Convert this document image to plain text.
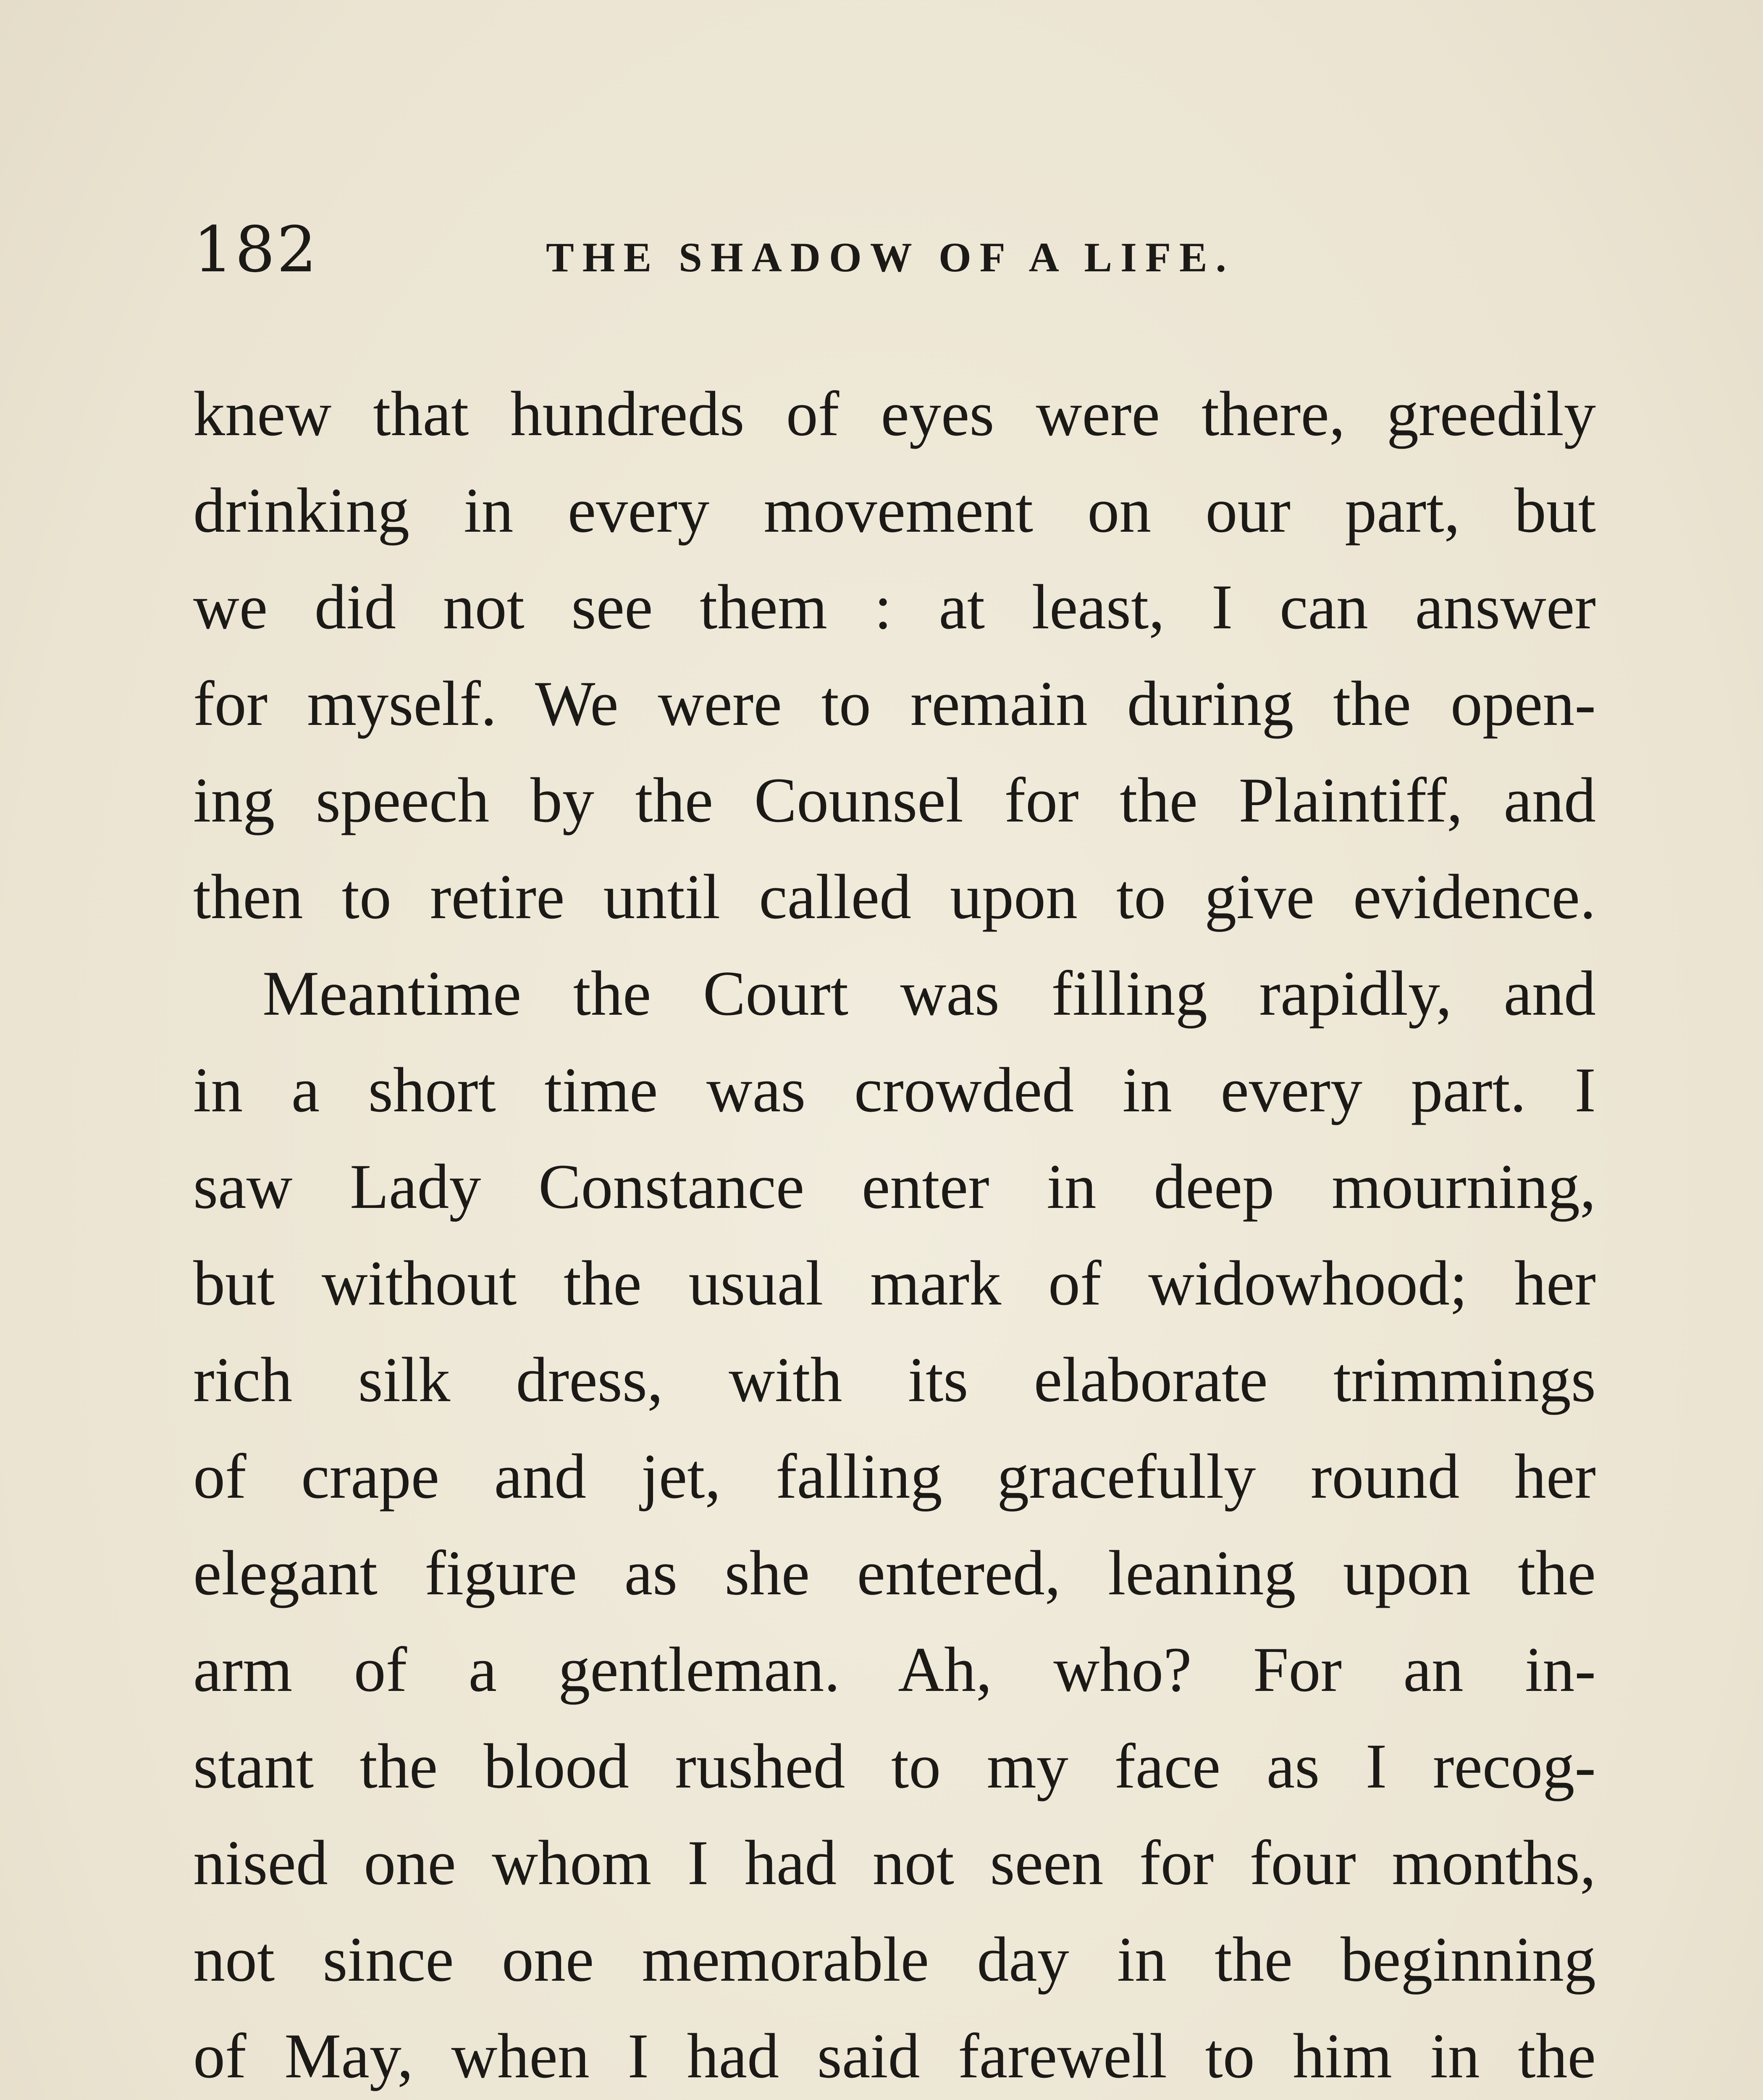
182	THE SHADOW OF A LIFE.
knew that hundreds of eyes were there, greedily
drinking in every movement on our part, but
we did not see them : at least, I can answer
for myself. We were to remain during the open-
ing speech by the Counsel for the Plaintiff, and
then to retire until called upon to give evidence.
Meantime the Court was filling rapidly, and
in a short time was crowded in every part. I
saw Lady Constance enter in deep mourning,
but without the usual mark of widowhood; her
rich silk dress, with its elaborate trimmings
of crape and jet, falling gracefully round her
elegant figure as she entered, leaning upon the
arm of a gentleman. Ah, who? For an in-
stant the blood rushed to my face as I recog-
nised one whom I had not seen for four months,
not since one memorable day in the beginning
of May, when I had said farewell to him in the
